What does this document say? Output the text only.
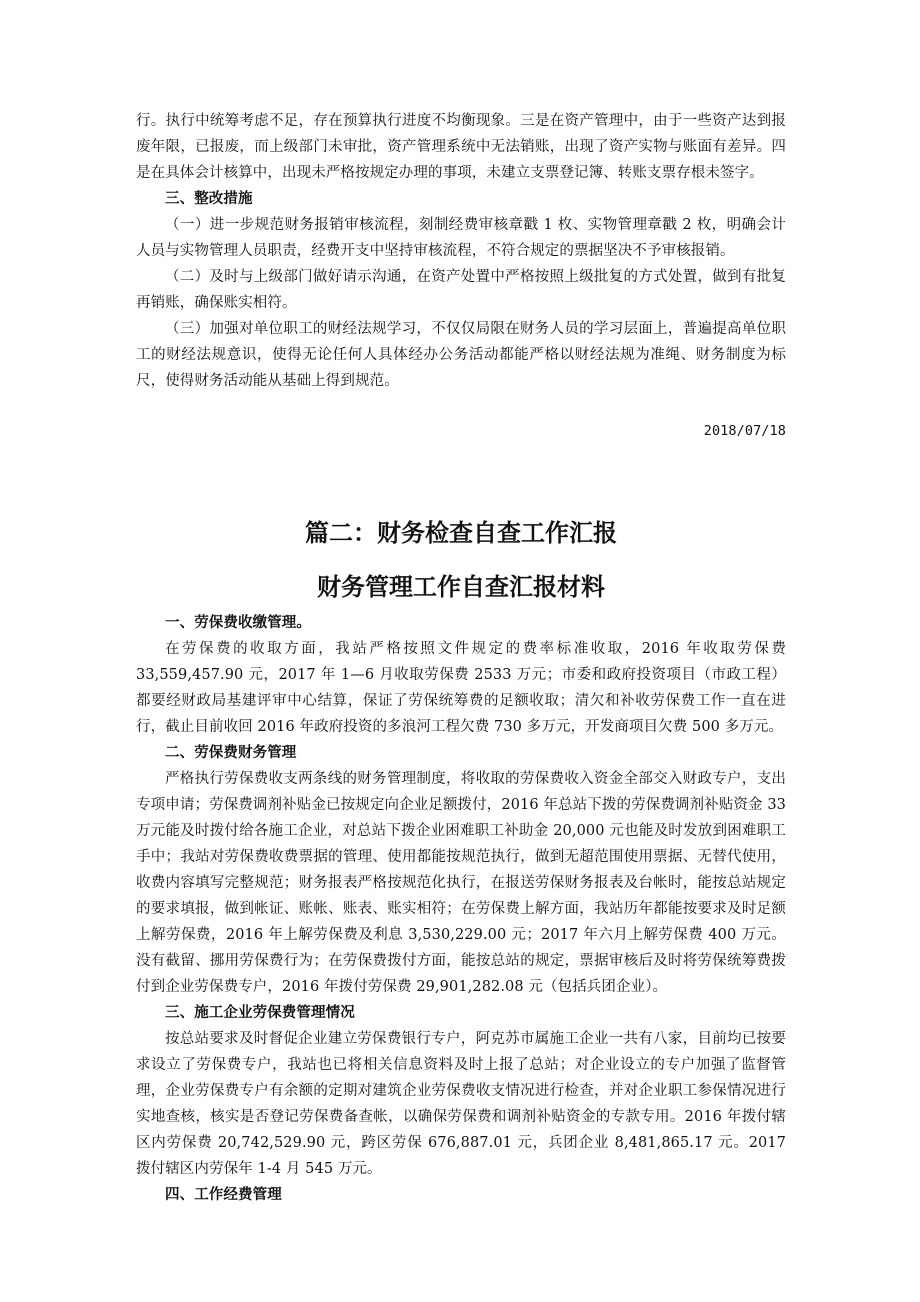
行。执行中统筹考虑不足，存在预算执行进度不均衡现象。三是在资产管理中，由于一些资产达到报废年限，已报废，而上级部门未审批，资产管理系统中无法销账，出现了资产实物与账面有差异。四是在具体会计核算中，出现未严格按规定办理的事项，未建立支票登记簿、转账支票存根未签字。

三、整改措施

（一）进一步规范财务报销审核流程，刻制经费审核章戳 1 枚、实物管理章戳 2 枚，明确会计人员与实物管理人员职责，经费开支中坚持审核流程，不符合规定的票据坚决不予审核报销。

（二）及时与上级部门做好请示沟通，在资产处置中严格按照上级批复的方式处置，做到有批复再销账，确保账实相符。

（三）加强对单位职工的财经法规学习，不仅仅局限在财务人员的学习层面上，普遍提高单位职工的财经法规意识，使得无论任何人具体经办公务活动都能严格以财经法规为准绳、财务制度为标尺，使得财务活动能从基础上得到规范。

2018/07/18

篇二：财务检查自查工作汇报
财务管理工作自查汇报材料

一、劳保费收缴管理。

在劳保费的收取方面，我站严格按照文件规定的费率标准收取，2016 年收取劳保费 33,559,457.90 元，2017 年 1—6 月收取劳保费 2533 万元；市委和政府投资项目（市政工程）都要经财政局基建评审中心结算，保证了劳保统筹费的足额收取；清欠和补收劳保费工作一直在进行，截止目前收回 2016 年政府投资的多浪河工程欠费 730 多万元，开发商项目欠费 500 多万元。

二、劳保费财务管理

严格执行劳保费收支两条线的财务管理制度，将收取的劳保费收入资金全部交入财政专户，支出专项申请；劳保费调剂补贴金已按规定向企业足额拨付，2016 年总站下拨的劳保费调剂补贴资金 33 万元能及时拨付给各施工企业，对总站下拨企业困难职工补助金 20,000 元也能及时发放到困难职工手中；我站对劳保费收费票据的管理、使用都能按规范执行，做到无超范围使用票据、无替代使用，收费内容填写完整规范；财务报表严格按规范化执行，在报送劳保财务报表及台帐时，能按总站规定的要求填报，做到帐证、账帐、账表、账实相符；在劳保费上解方面，我站历年都能按要求及时足额上解劳保费，2016 年上解劳保费及利息 3,530,229.00 元；2017 年六月上解劳保费 400 万元。没有截留、挪用劳保费行为；在劳保费拨付方面，能按总站的规定，票据审核后及时将劳保统筹费拨付到企业劳保费专户，2016 年拨付劳保费 29,901,282.08 元（包括兵团企业）。

三、施工企业劳保费管理情况

按总站要求及时督促企业建立劳保费银行专户，阿克苏市属施工企业一共有八家，目前均已按要求设立了劳保费专户，我站也已将相关信息资料及时上报了总站；对企业设立的专户加强了监督管理，企业劳保费专户有余额的定期对建筑企业劳保费收支情况进行检查，并对企业职工参保情况进行实地查核，核实是否登记劳保费备查帐，以确保劳保费和调剂补贴资金的专款专用。2016 年拨付辖区内劳保费 20,742,529.90 元，跨区劳保 676,887.01 元，兵团企业 8,481,865.17 元。2017 拨付辖区内劳保年 1-4 月 545 万元。

四、工作经费管理
